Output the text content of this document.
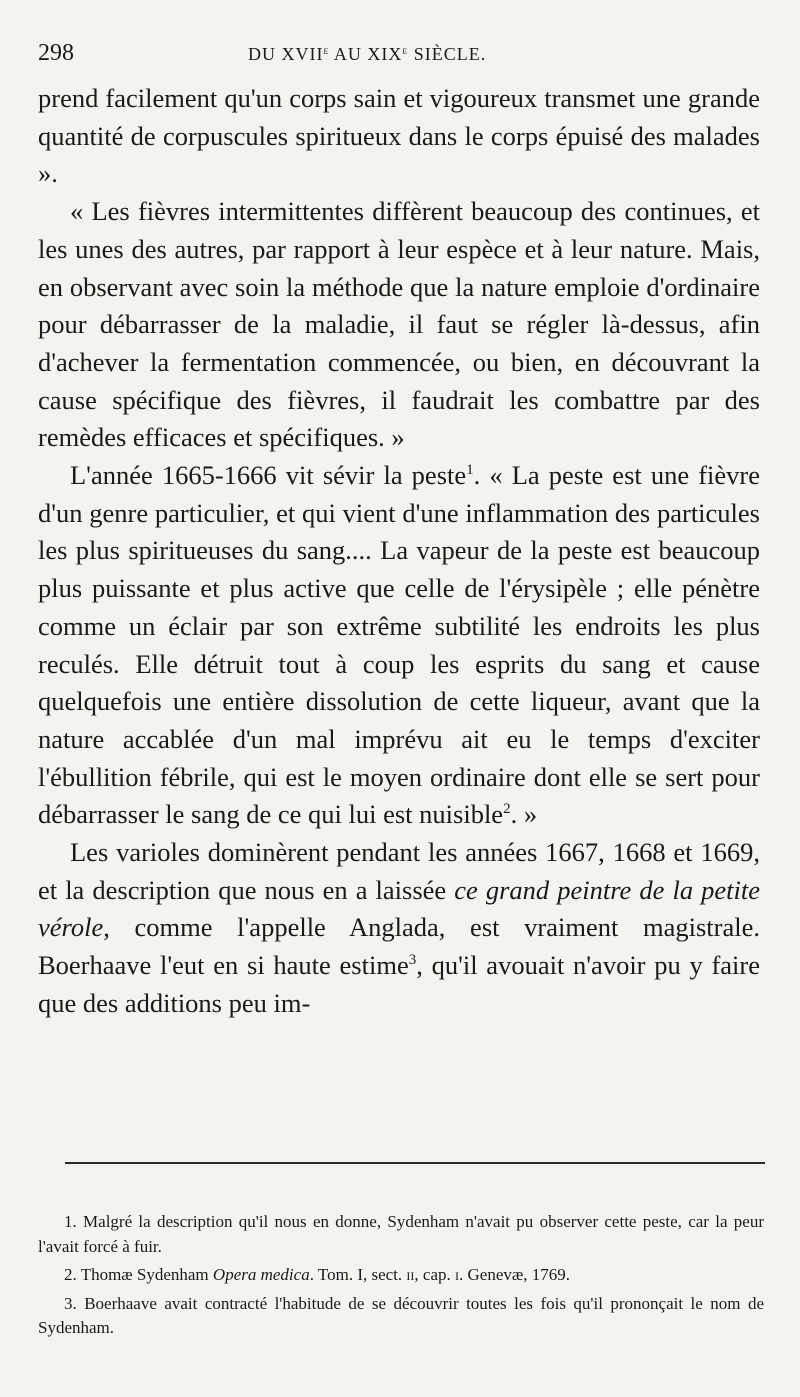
298	DU XVIIe AU XIXe SIÈCLE.

prend facilement qu'un corps sain et vigoureux transmet une grande quantité de corpuscules spiritueux dans le corps épuisé des malades ».

« Les fièvres intermittentes diffèrent beaucoup des continues, et les unes des autres, par rapport à leur espèce et à leur nature. Mais, en observant avec soin la méthode que la nature emploie d'ordinaire pour débarrasser de la maladie, il faut se régler là-dessus, afin d'achever la fermentation commencée, ou bien, en découvrant la cause spécifique des fièvres, il faudrait les combattre par des remèdes efficaces et spécifiques. »

L'année 1665-1666 vit sévir la peste$^1$. « La peste est une fièvre d'un genre particulier, et qui vient d'une inflammation des particules les plus spiritueuses du sang.... La vapeur de la peste est beaucoup plus puissante et plus active que celle de l'érysipèle ; elle pénètre comme un éclair par son extrême subtilité les endroits les plus reculés. Elle détruit tout à coup les esprits du sang et cause quelquefois une entière dissolution de cette liqueur, avant que la nature accablée d'un mal imprévu ait eu le temps d'exciter l'ébullition fébrile, qui est le moyen ordinaire dont elle se sert pour débarrasser le sang de ce qui lui est nuisible$^2$. »

Les varioles dominèrent pendant les années 1667, 1668 et 1669, et la description que nous en a laissée ce grand peintre de la petite vérole, comme l'appelle Anglada, est vraiment magistrale. Boerhaave l'eut en si haute estime$^3$, qu'il avouait n'avoir pu y faire que des additions peu im-

1. Malgré la description qu'il nous en donne, Sydenham n'avait pu observer cette peste, car la peur l'avait forcé à fuir.

2. Thomæ Sydenham Opera medica. Tom. I, sect. ii, cap. i. Genevæ, 1769.

3. Boerhaave avait contracté l'habitude de se découvrir toutes les fois qu'il prononçait le nom de Sydenham.
